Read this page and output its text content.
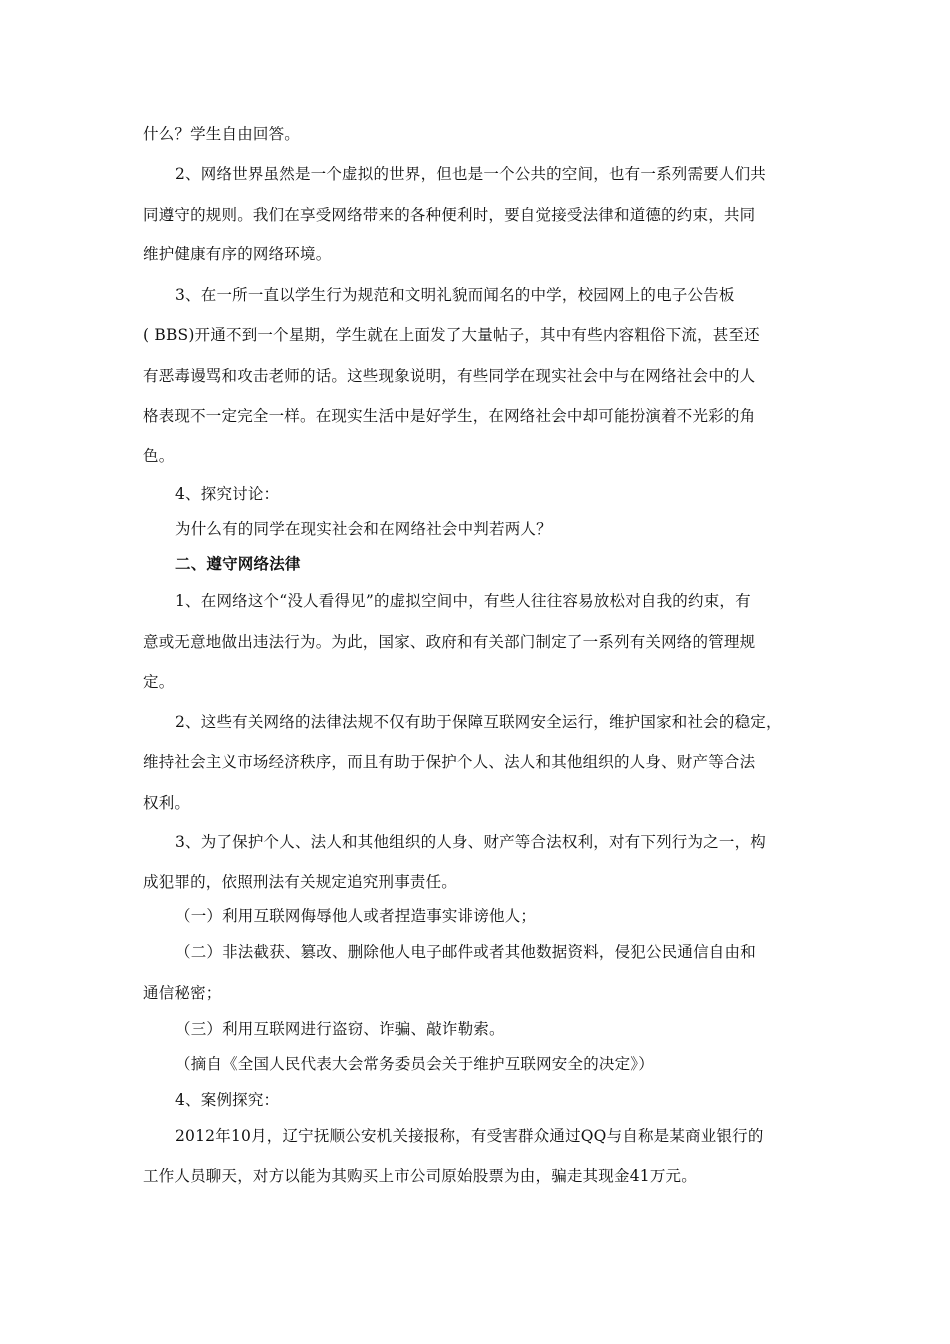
什么？学生自由回答。
2、网络世界虽然是一个虚拟的世界，但也是一个公共的空间，也有一系列需要人们共
同遵守的规则。我们在享受网络带来的各种便利时，要自觉接受法律和道德的约束，共同
维护健康有序的网络环境。
3、在一所一直以学生行为规范和文明礼貌而闻名的中学，校园网上的电子公告板
( BBS)开通不到一个星期，学生就在上面发了大量帖子，其中有些内容粗俗下流，甚至还
有恶毒谩骂和攻击老师的话。这些现象说明，有些同学在现实社会中与在网络社会中的人
格表现不一定完全一样。在现实生活中是好学生，在网络社会中却可能扮演着不光彩的角
色。
4、探究讨论：
为什么有的同学在现实社会和在网络社会中判若两人？
二、遵守网络法律
1、在网络这个“没人看得见”的虚拟空间中，有些人往往容易放松对自我的约束，有
意或无意地做出违法行为。为此，国家、政府和有关部门制定了一系列有关网络的管理规
定。
2、这些有关网络的法律法规不仅有助于保障互联网安全运行，维护国家和社会的稳定，
维持社会主义市场经济秩序，而且有助于保护个人、法人和其他组织的人身、财产等合法
权利。
3、为了保护个人、法人和其他组织的人身、财产等合法权利，对有下列行为之一，构
成犯罪的，依照刑法有关规定追究刑事责任。
（一）利用互联网侮辱他人或者捏造事实诽谤他人；
（二）非法截获、篡改、删除他人电子邮件或者其他数据资料，侵犯公民通信自由和
通信秘密；
（三）利用互联网进行盗窃、诈骗、敲诈勒索。
（摘自《全国人民代表大会常务委员会关于维护互联网安全的决定》）
4、案例探究：
2012年10月，辽宁抚顺公安机关接报称，有受害群众通过QQ与自称是某商业银行的
工作人员聊天，对方以能为其购买上市公司原始股票为由，骗走其现金41万元。
